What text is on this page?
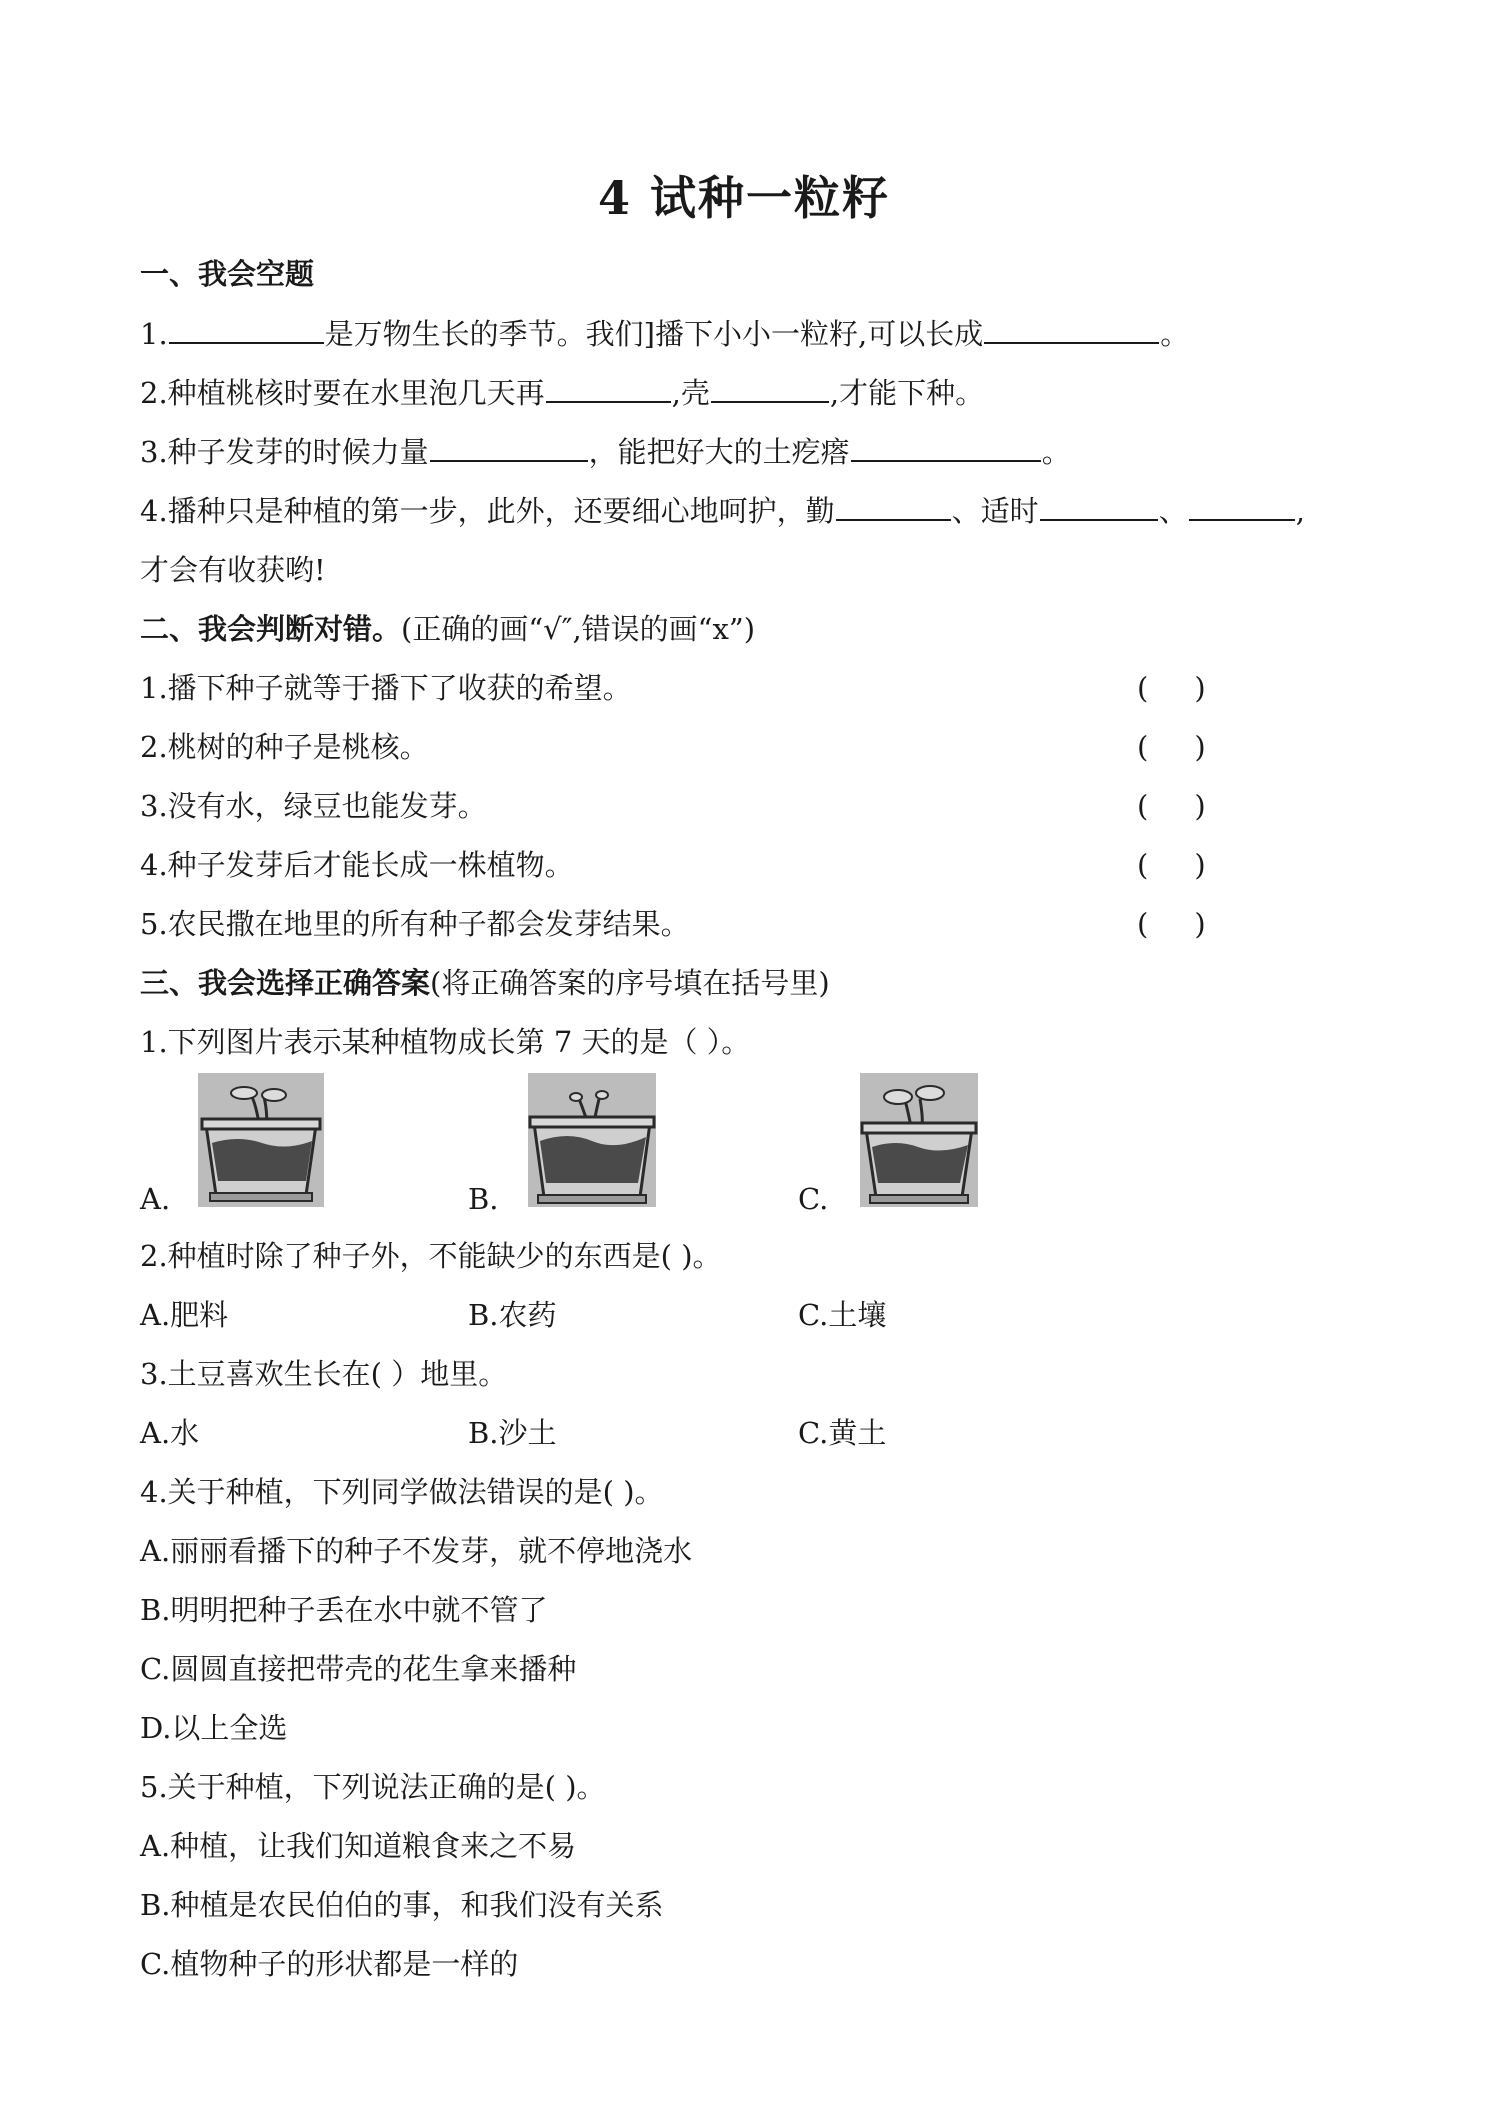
4 试种一粒籽
一、我会空题
1.	是万物生长的季节。我们]播下小小一粒籽,可以长成	。
2.种植桃核时要在水里泡几天再	,壳	,才能下种。
3.种子发芽的时候力量	，能把好大的土疙瘩	。
4.播种只是种植的第一步，此外，还要细心地呵护，勤	、适时	、	,
才会有收获哟!
二、我会判断对错。(正确的画“√″,错误的画“x”)
1.播下种子就等于播下了收获的希望。	(     )
2.桃树的种子是桃核。	(     )
3.没有水，绿豆也能发芽。	(     )
4.种子发芽后才能长成一株植物。	(     )
5.农民撒在地里的所有种子都会发芽结果。	(     )
三、我会选择正确答案(将正确答案的序号填在括号里)
1.下列图片表示某种植物成长第 7 天的是（ ）。
A.	B.	C.
2.种植时除了种子外，不能缺少的东西是( )。
A.肥料	B.农药	C.土壤
3.土豆喜欢生长在( ）地里。
A.水	B.沙土	C.黄土
4.关于种植，下列同学做法错误的是( )。
A.丽丽看播下的种子不发芽，就不停地浇水
B.明明把种子丢在水中就不管了
C.圆圆直接把带壳的花生拿来播种
D.以上全选
5.关于种植，下列说法正确的是( )。
A.种植，让我们知道粮食来之不易
B.种植是农民伯伯的事，和我们没有关系
C.植物种子的形状都是一样的
